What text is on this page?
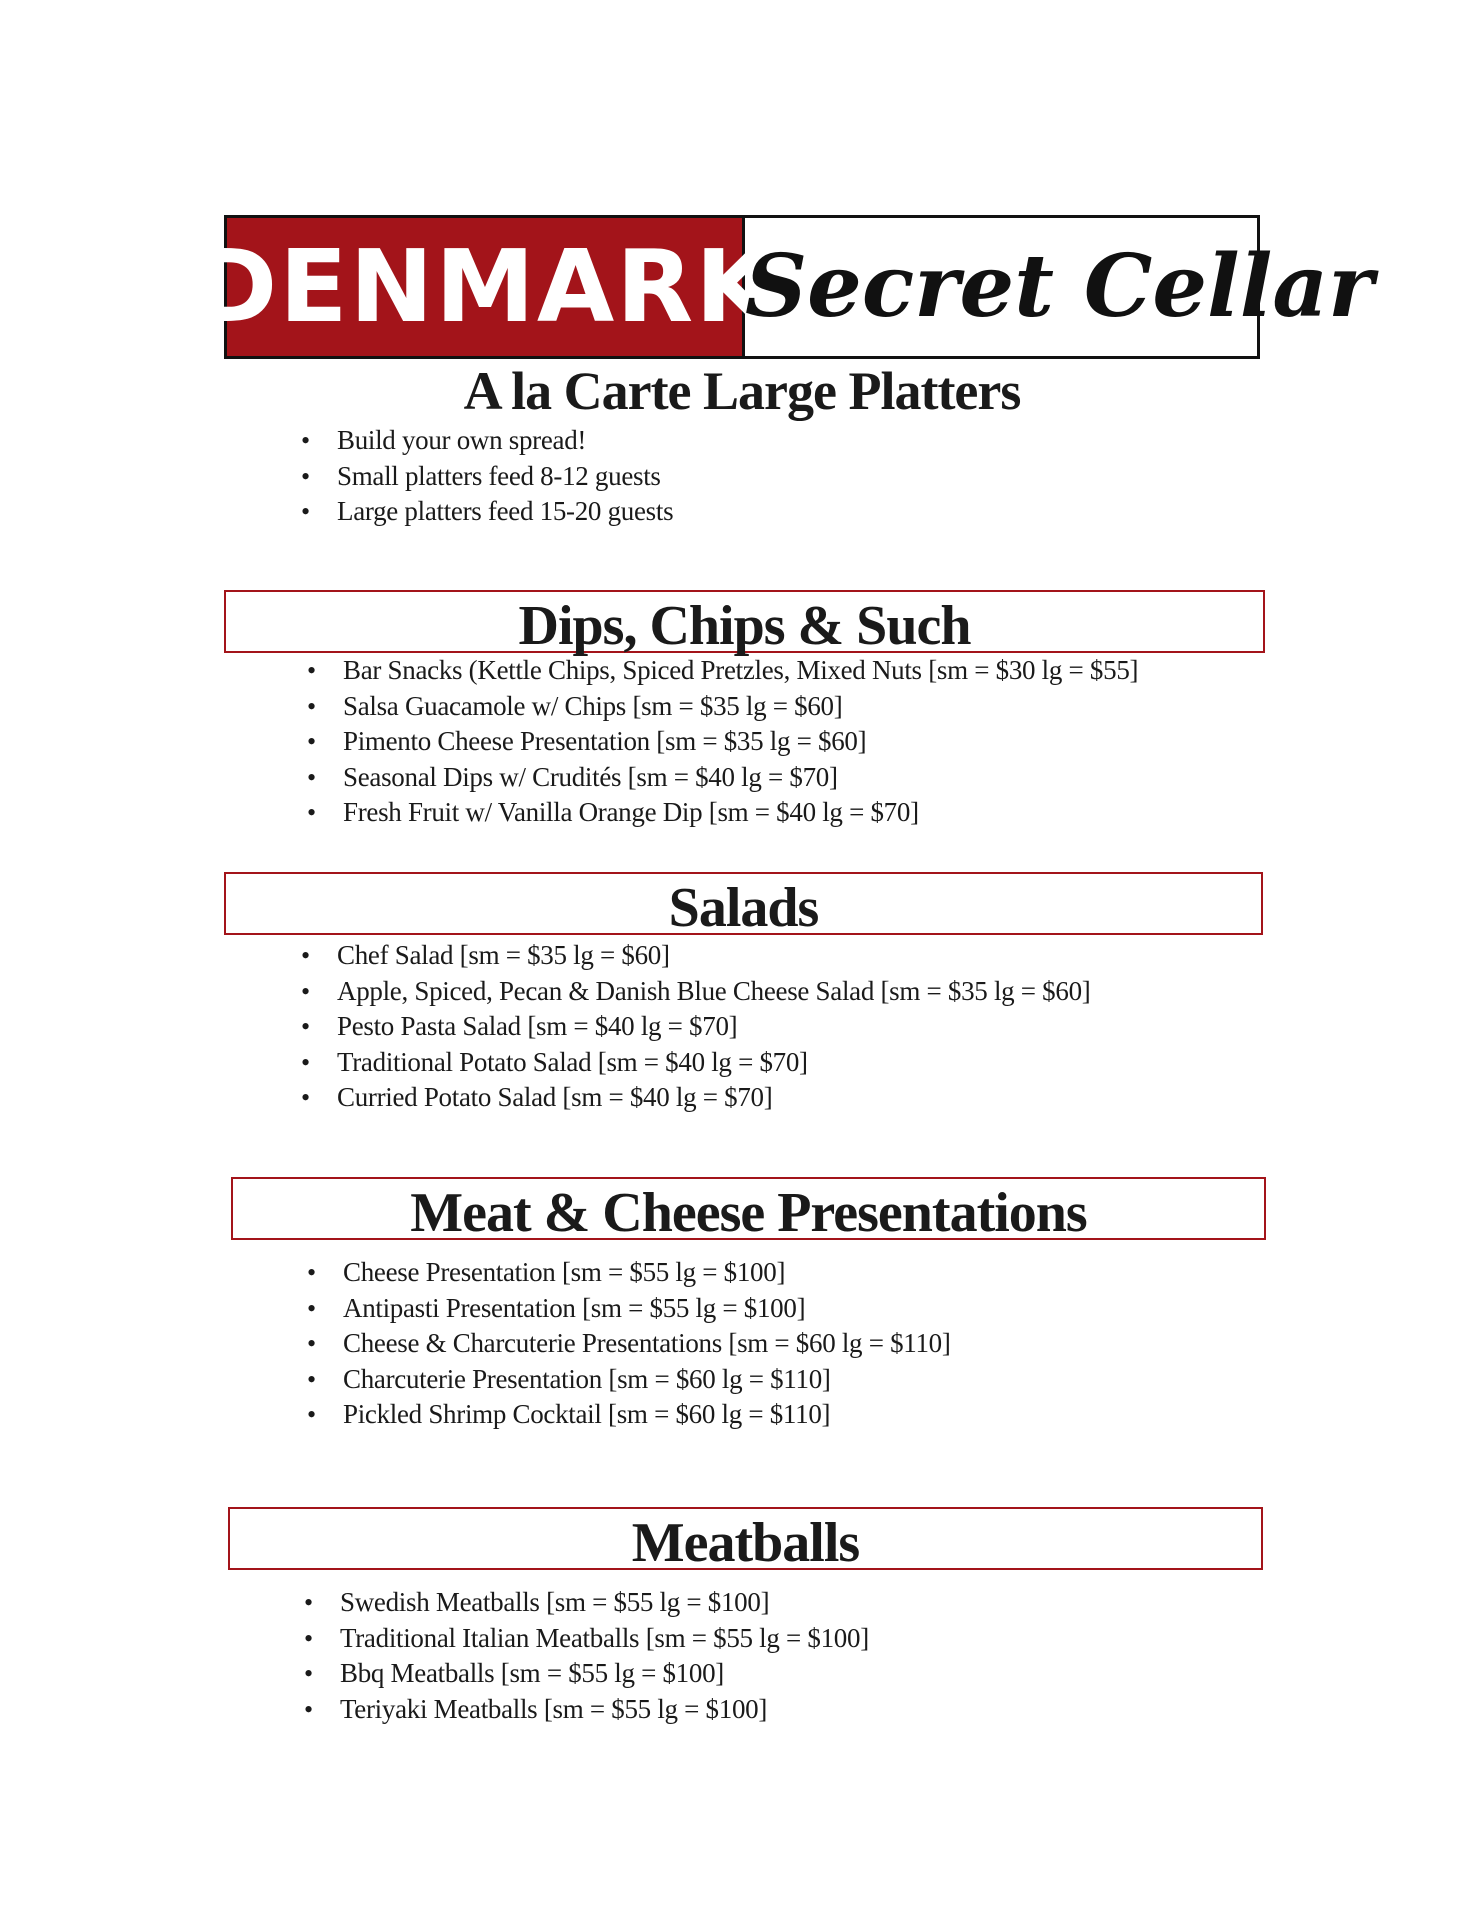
DENMARK
Secret Cellar
A la Carte Large Platters
• Build your own spread!
• Small platters feed 8-12 guests
• Large platters feed 15-20 guests
Dips, Chips & Such
• Bar Snacks (Kettle Chips, Spiced Pretzles, Mixed Nuts [sm = $30 lg = $55]
• Salsa Guacamole w/ Chips [sm = $35 lg = $60]
• Pimento Cheese Presentation [sm = $35 lg = $60]
• Seasonal Dips w/ Crudités [sm = $40 lg = $70]
• Fresh Fruit w/ Vanilla Orange Dip [sm = $40 lg = $70]
Salads
• Chef Salad [sm = $35 lg = $60]
• Apple, Spiced, Pecan & Danish Blue Cheese Salad [sm = $35 lg = $60]
• Pesto Pasta Salad [sm = $40 lg = $70]
• Traditional Potato Salad [sm = $40 lg = $70]
• Curried Potato Salad [sm = $40 lg = $70]
Meat & Cheese Presentations
• Cheese Presentation [sm = $55 lg = $100]
• Antipasti Presentation [sm = $55 lg = $100]
• Cheese & Charcuterie Presentations [sm = $60 lg = $110]
• Charcuterie Presentation [sm = $60 lg = $110]
• Pickled Shrimp Cocktail [sm = $60 lg = $110]
Meatballs
• Swedish Meatballs [sm = $55 lg = $100]
• Traditional Italian Meatballs [sm = $55 lg = $100]
• Bbq Meatballs [sm = $55 lg = $100]
• Teriyaki Meatballs [sm = $55 lg = $100]
